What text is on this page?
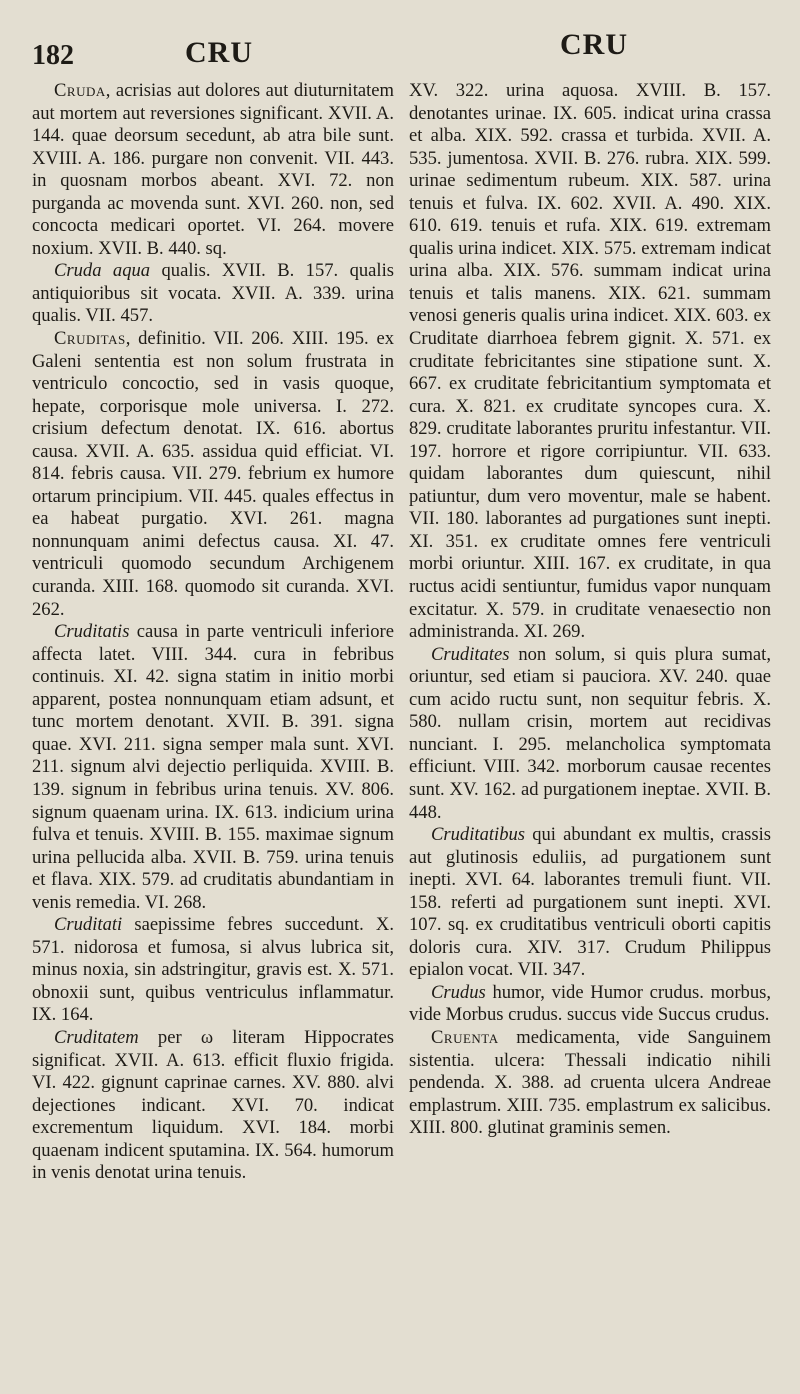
182	CRU	CRU

Cruda, acrisias aut dolores aut diuturnitatem aut mortem aut reversiones significant. XVII. A. 144. quae deorsum secedunt, ab atra bile sunt. XVIII. A. 186. purgare non convenit. VII. 443. in quosnam morbos abeant. XVI. 72. non purganda ac movenda sunt. XVI. 260. non, sed concocta medicari oportet. VI. 264. movere noxium. XVII. B. 440. sq.

Cruda aqua qualis. XVII. B. 157. qualis antiquioribus sit vocata. XVII. A. 339. urina qualis. VII. 457.

Cruditas, definitio. VII. 206. XIII. 195. ex Galeni sententia est non solum frustrata in ventriculo concoctio, sed in vasis quoque, hepate, corporisque mole universa. I. 272. crisium defectum denotat. IX. 616. abortus causa. XVII. A. 635. assidua quid efficiat. VI. 814. febris causa. VII. 279. febrium ex humore ortarum principium. VII. 445. quales effectus in ea habeat purgatio. XVI. 261. magna nonnunquam animi defectus causa. XI. 47. ventriculi quomodo secundum Archigenem curanda. XIII. 168. quomodo sit curanda. XVI. 262.

Cruditatis causa in parte ventriculi inferiore affecta latet. VIII. 344. cura in febribus continuis. XI. 42. signa statim in initio morbi apparent, postea nonnunquam etiam adsunt, et tunc mortem denotant. XVII. B. 391. signa quae. XVI. 211. signa semper mala sunt. XVI. 211. signum alvi dejectio perliquida. XVIII. B. 139. signum in febribus urina tenuis. XV. 806. signum quaenam urina. IX. 613. indicium urina fulva et tenuis. XVIII. B. 155. maximae signum urina pellucida alba. XVII. B. 759. urina tenuis et flava. XIX. 579. ad cruditatis abundantiam in venis remedia. VI. 268.

Cruditati saepissime febres succedunt. X. 571. nidorosa et fumosa, si alvus lubrica sit, minus noxia, sin adstringitur, gravis est. X. 571. obnoxii sunt, quibus ventriculus inflammatur. IX. 164.

Cruditatem per ω literam Hippocrates significat. XVII. A. 613. efficit fluxio frigida. VI. 422. gignunt caprinae carnes. XV. 880. alvi dejectiones indicant. XVI. 70. indicat excrementum liquidum. XVI. 184. morbi quaenam indicent sputamina. IX. 564. humorum in venis denotat urina tenuis.

XV. 322. urina aquosa. XVIII. B. 157. denotantes urinae. IX. 605. indicat urina crassa et alba. XIX. 592. crassa et turbida. XVII. A. 535. jumentosa. XVII. B. 276. rubra. XIX. 599. urinae sedimentum rubeum. XIX. 587. urina tenuis et fulva. IX. 602. XVII. A. 490. XIX. 610. 619. tenuis et rufa. XIX. 619. extremam qualis urina indicet. XIX. 575. extremam indicat urina alba. XIX. 576. summam indicat urina tenuis et talis manens. XIX. 621. summam venosi generis qualis urina indicet. XIX. 603. ex Cruditate diarrhoea febrem gignit. X. 571. ex cruditate febricitantes sine stipatione sunt. X. 667. ex cruditate febricitantium symptomata et cura. X. 821. ex cruditate syncopes cura. X. 829. cruditate laborantes pruritu infestantur. VII. 197. horrore et rigore corripiuntur. VII. 633. quidam laborantes dum quiescunt, nihil patiuntur, dum vero moventur, male se habent. VII. 180. laborantes ad purgationes sunt inepti. XI. 351. ex cruditate omnes fere ventriculi morbi oriuntur. XIII. 167. ex cruditate, in qua ructus acidi sentiuntur, fumidus vapor nunquam excitatur. X. 579. in cruditate venaesectio non administranda. XI. 269.

Cruditates non solum, si quis plura sumat, oriuntur, sed etiam si pauciora. XV. 240. quae cum acido ructu sunt, non sequitur febris. X. 580. nullam crisin, mortem aut recidivas nunciant. I. 295. melancholica symptomata efficiunt. VIII. 342. morborum causae recentes sunt. XV. 162. ad purgationem ineptae. XVII. B. 448.

Cruditatibus qui abundant ex multis, crassis aut glutinosis eduliis, ad purgationem sunt inepti. XVI. 64. laborantes tremuli fiunt. VII. 158. referti ad purgationem sunt inepti. XVI. 107. sq. ex cruditatibus ventriculi oborti capitis doloris cura. XIV. 317. Crudum Philippus epialon vocat. VII. 347.

Crudus humor, vide Humor crudus. morbus, vide Morbus crudus. succus vide Succus crudus.

Cruenta medicamenta, vide Sanguinem sistentia. ulcera: Thessali indicatio nihili pendenda. X. 388. ad cruenta ulcera Andreae emplastrum. XIII. 735. emplastrum ex salicibus. XIII. 800. glutinat graminis semen.
